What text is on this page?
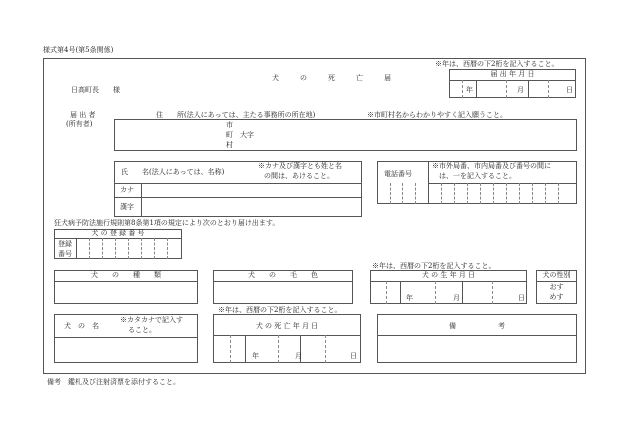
様式第4号(第5条関係)
※年は、西暦の下2桁を記入すること。
犬　の　死　亡　届
日高町長　　様
届 出 年 月 日
年	月	日
届 出 者
(所有者)
住　　所(法人にあっては、主たる事務所の所在地)	※市町村名からわかりやすく記入願うこと。
市
町　大字
村
氏　　名(法人にあっては、名称)
※カナ及び漢字とも姓と名
の間は、あけること。
カナ
漢字
電話番号
※市外局番、市内局番及び番号の間に
は、一を記入すること。
狂犬病予防法施行規則第8条第1項の規定により次のとおり届け出ます。
犬 の 登 録 番 号
登録
番号
犬　　の　　種　　類	犬　　の　　毛　　色
※年は、西暦の下2桁を記入すること。
犬 の 生 年 月 日
年	月	日
犬の性別
おす
めす
犬　の　名
※カタカナで記入す
ること。
※年は、西暦の下2桁を記入すること。
犬 の 死 亡 年 月 日
年	月	日
備　　　　　　考
備考　鑑札及び注射済票を添付すること。
